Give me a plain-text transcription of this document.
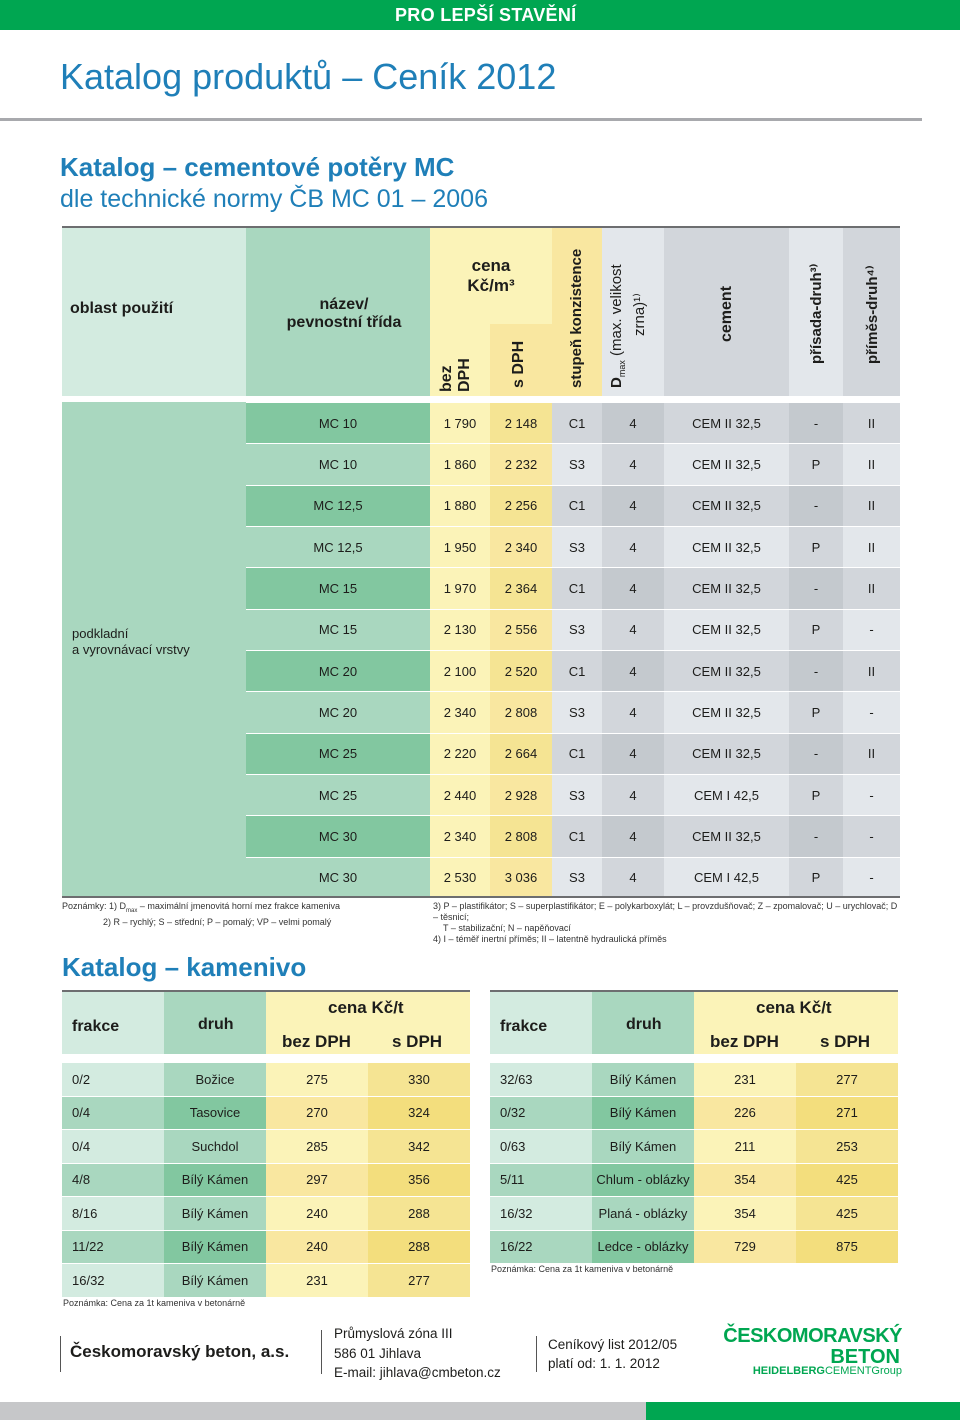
PRO LEPŠÍ STAVĚNÍ
Katalog produktů – Ceník 2012
Katalog – cementové potěry MC
dle technické normy ČB MC 01 – 2006
oblast použití	název/
pevnostní třída
cena
Kč/m³
bez
DPH s DPH	stupeň konzistence $D_{max}$ (max. velikost zrna)¹⁾	cement	přísada-druh³⁾	příměs-druh⁴⁾
podkladní
a vyrovnávací vrstvy
MC 10	1 790	2 148	C1	4	CEM II 32,5	-	II
MC 10	1 860	2 232	S3	4	CEM II 32,5	P	II
MC 12,5	1 880	2 256	C1	4	CEM II 32,5	-	II
MC 12,5	1 950	2 340	S3	4	CEM II 32,5	P	II
MC 15	1 970	2 364	C1	4	CEM II 32,5	-	II
MC 15	2 130	2 556	S3	4	CEM II 32,5	P	-
MC 20	2 100	2 520	C1	4	CEM II 32,5	-	II
MC 20	2 340	2 808	S3	4	CEM II 32,5	P	-
MC 25	2 220	2 664	C1	4	CEM II 32,5	-	II
MC 25	2 440	2 928	S3	4	CEM I 42,5	P	-
MC 30	2 340	2 808	C1	4	CEM II 32,5	-	-
MC 30	2 530	3 036	S3	4	CEM I 42,5	P	-
Poznámky: 1) $D_{max}$ – maximální jmenovitá horní mez frakce kameniva
2) R – rychlý; S – střední; P – pomalý; VP – velmi pomalý
3) P – plastifikátor; S – superplastifikátor; E – polykarboxylát; L – provzdušňovač; Z – zpomalovač; U – urychlovač; D – těsnicí;
T – stabilizační; N – napěňovací
4) I – téměř inertní příměs; II – latentně hydraulická příměs
Katalog – kamenivo
frakce	druh
cena Kč/t
bez DPH s DPH
0/2	Božice	275	330
0/4	Tasovice	270	324
0/4	Suchdol	285	342
4/8	Bílý Kámen	297	356
8/16	Bílý Kámen	240	288
11/22	Bílý Kámen	240	288
16/32	Bílý Kámen	231	277
Poznámka: Cena za 1t kameniva v betonárně
frakce	druh
cena Kč/t
bez DPH s DPH
32/63	Bílý Kámen	231	277
0/32	Bílý Kámen	226	271
0/63	Bílý Kámen	211	253
5/11	Chlum - oblázky	354	425
16/32	Planá - oblázky	354	425
16/22	Ledce - oblázky	729	875
Poznámka: Cena za 1t kameniva v betonárně
Českomoravský beton, a.s.
Průmyslová zóna III
586 01 Jihlava
E-mail: jihlava@cmbeton.cz
Ceníkový list 2012/05
platí od: 1. 1. 2012
ČESKOMORAVSKÝ
BETON
HEIDELBERGCEMENTGroup
